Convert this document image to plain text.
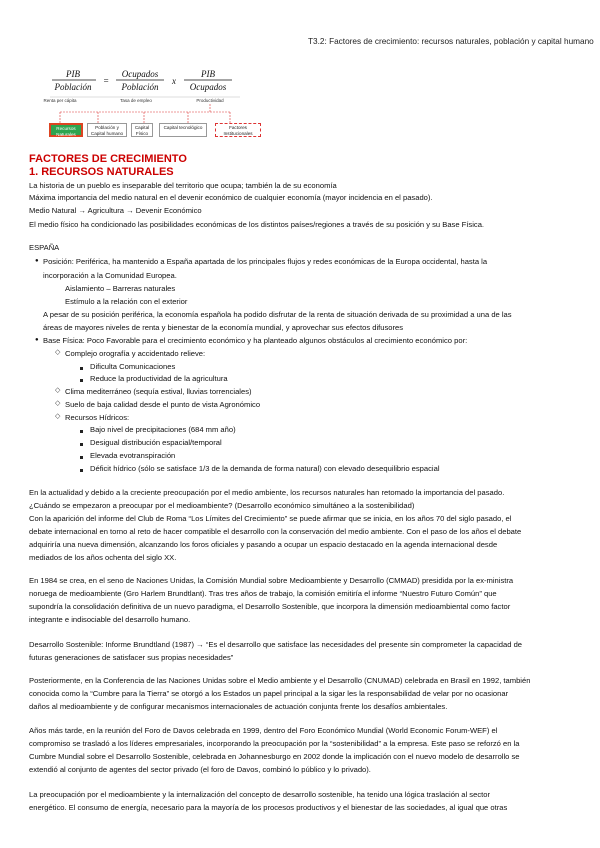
T3.2: Factores de crecimiento: recursos naturales, población y capital humano
PIB
Población
=
Ocupados
Población
x
PIB
Ocupados
Renta per cápita	Tasa de empleo	Productividad
Recursos Naturales
Población y Capital humano
Capital Físico
Capital tecnológico	Factores Institucionales
FACTORES DE CRECIMIENTO
1. RECURSOS NATURALES
La historia de un pueblo es inseparable del territorio que ocupa; también la de su economía
Máxima importancia del medio natural en el devenir económico de cualquier economía (mayor incidencia en el pasado).
Medio Natural → Agricultura → Devenir Económico
El medio físico ha condicionado las posibilidades económicas de los distintos países/regiones a través de su posición y su Base Física.
ESPAÑA
● Posición: Periférica, ha mantenido a España apartada de los principales flujos y redes económicas de la Europa occidental, hasta la
incorporación a la Comunidad Europea.
Aislamiento – Barreras naturales
Estímulo a la relación con el exterior
A pesar de su posición periférica, la economía española ha podido disfrutar de la renta de situación derivada de su proximidad a una de las
áreas de mayores niveles de renta y bienestar de la economía mundial, y aprovechar sus efectos difusores
● Base Física: Poco Favorable para el crecimiento económico y ha planteado algunos obstáculos al crecimiento económico por:
◇ Complejo orografía y accidentado relieve:
Dificulta Comunicaciones
Reduce la productividad de la agricultura
◇ Clima mediterráneo (sequía estival, lluvias torrenciales)
◇ Suelo de baja calidad desde el punto de vista Agronómico
◇ Recursos Hídricos:
Bajo nivel de precipitaciones (684 mm año)
Desigual distribución espacial/temporal
Elevada evotranspiración
Déficit hídrico (sólo se satisface 1/3 de la demanda de forma natural) con elevado desequilibrio espacial
En la actualidad y debido a la creciente preocupación por el medio ambiente, los recursos naturales han retomado la importancia del pasado.
¿Cuándo se empezaron a preocupar por el medioambiente? (Desarrollo económico simultáneo a la sostenibilidad)
Con la aparición del informe del Club de Roma “Los Límites del Crecimiento” se puede afirmar que se inicia, en los años 70 del siglo pasado, el
debate internacional en torno al reto de hacer compatible el desarrollo con la conservación del medio ambiente. Con el paso de los años el debate
adquiriría una nueva dimensión, alcanzando los foros oficiales y pasando a ocupar un espacio destacado en la agenda internacional desde
mediados de los años ochenta del siglo XX.
En 1984 se crea, en el seno de Naciones Unidas, la Comisión Mundial sobre Medioambiente y Desarrollo (CMMAD) presidida por la ex-ministra
noruega de medioambiente (Gro Harlem Brundtlant). Tras tres años de trabajo, la comisión emitiría el informe “Nuestro Futuro Común” que
supondría la consolidación definitiva de un nuevo paradigma, el Desarrollo Sostenible, que incorpora la dimensión medioambiental como factor
integrante e indisociable del desarrollo humano.
Desarrollo Sostenible: Informe Brundtland (1987) → “Es el desarrollo que satisface las necesidades del presente sin comprometer la capacidad de
futuras generaciones de satisfacer sus propias necesidades”
Posteriormente, en la Conferencia de las Naciones Unidas sobre el Medio ambiente y el Desarrollo (CNUMAD) celebrada en Brasil en 1992, también
conocida como la “Cumbre para la Tierra” se otorgó a los Estados un papel principal a la sigar les la responsabilidad de velar por no ocasionar
daños al medioambiente y de configurar mecanismos internacionales de actuación conjunta frente los desafíos ambientales.
Años más tarde, en la reunión del Foro de Davos celebrada en 1999, dentro del Foro Económico Mundial (World Economic Forum-WEF) el
compromiso se trasladó a los líderes empresariales, incorporando la preocupación por la “sostenibilidad” a la empresa. Este paso se reforzó en la
Cumbre Mundial sobre el Desarrollo Sostenible, celebrada en Johannesburgo en 2002 donde la implicación con el nuevo modelo de desarrollo se
extendió al conjunto de agentes del sector privado (el foro de Davos, combinó lo público y lo privado).
La preocupación por el medioambiente y la internalización del concepto de desarrollo sostenible, ha tenido una lógica traslación al sector
energético. El consumo de energía, necesario para la mayoría de los procesos productivos y el bienestar de las sociedades, al igual que otras
